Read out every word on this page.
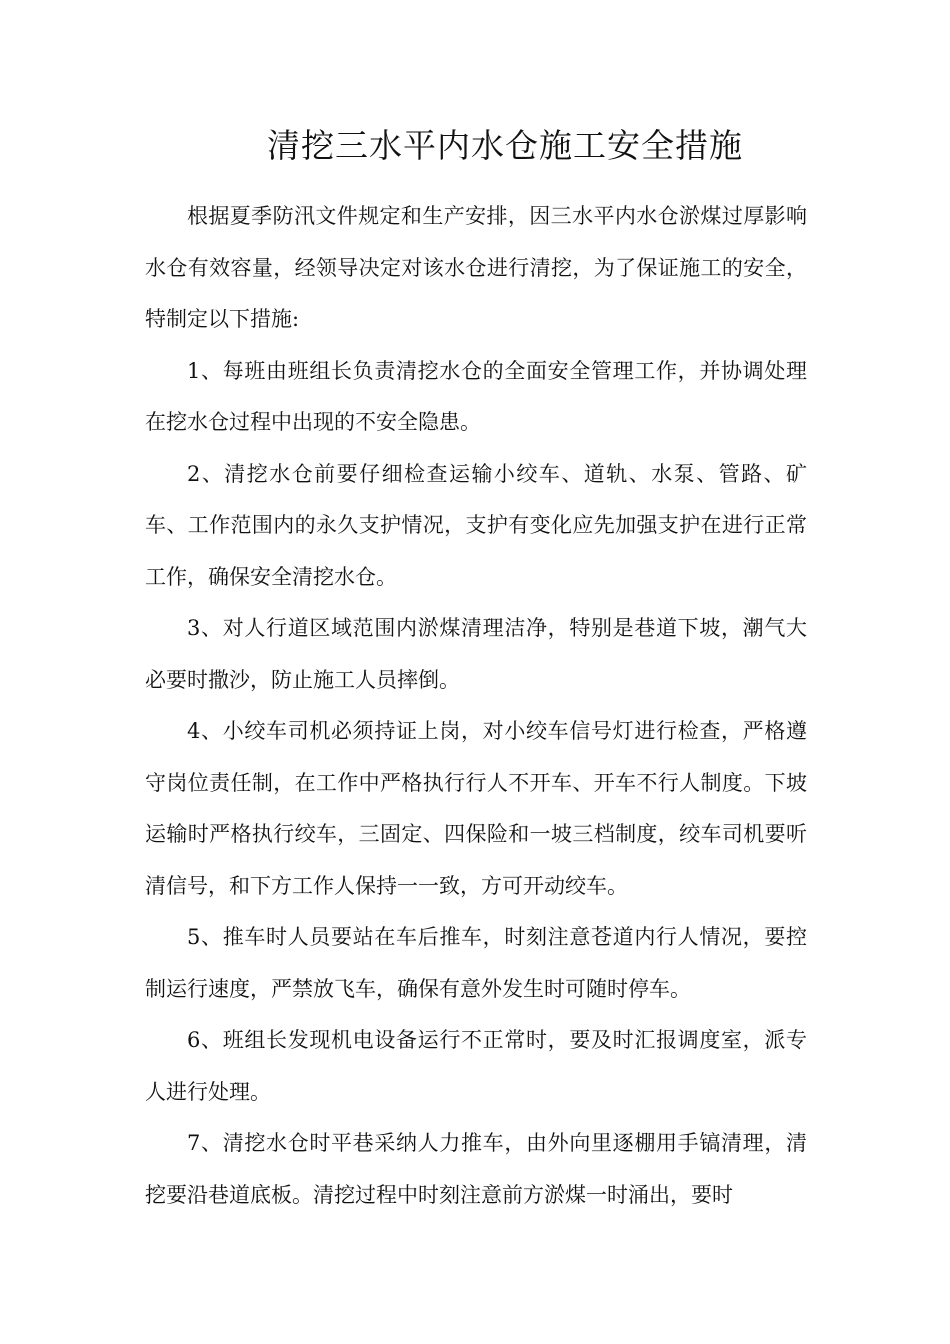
清挖三水平内水仓施工安全措施

根据夏季防汛文件规定和生产安排，因三水平内水仓淤煤过厚影响水仓有效容量，经领导决定对该水仓进行清挖，为了保证施工的安全，特制定以下措施:

1、每班由班组长负责清挖水仓的全面安全管理工作，并协调处理在挖水仓过程中出现的不安全隐患。

2、清挖水仓前要仔细检查运输小绞车、道轨、水泵、管路、矿车、工作范围内的永久支护情况，支护有变化应先加强支护在进行正常工作，确保安全清挖水仓。

3、对人行道区域范围内淤煤清理洁净，特别是巷道下坡，潮气大必要时撒沙，防止施工人员摔倒。

4、小绞车司机必须持证上岗，对小绞车信号灯进行检查，严格遵守岗位责任制，在工作中严格执行行人不开车、开车不行人制度。下坡运输时严格执行绞车，三固定、四保险和一坡三档制度，绞车司机要听清信号，和下方工作人保持一一致，方可开动绞车。

5、推车时人员要站在车后推车，时刻注意苍道内行人情况，要控制运行速度，严禁放飞车，确保有意外发生时可随时停车。

6、班组长发现机电设备运行不正常时，要及时汇报调度室，派专人进行处理。

7、清挖水仓时平巷采纳人力推车，由外向里逐棚用手镐清理，清挖要沿巷道底板。清挖过程中时刻注意前方淤煤一时涌出，要时
